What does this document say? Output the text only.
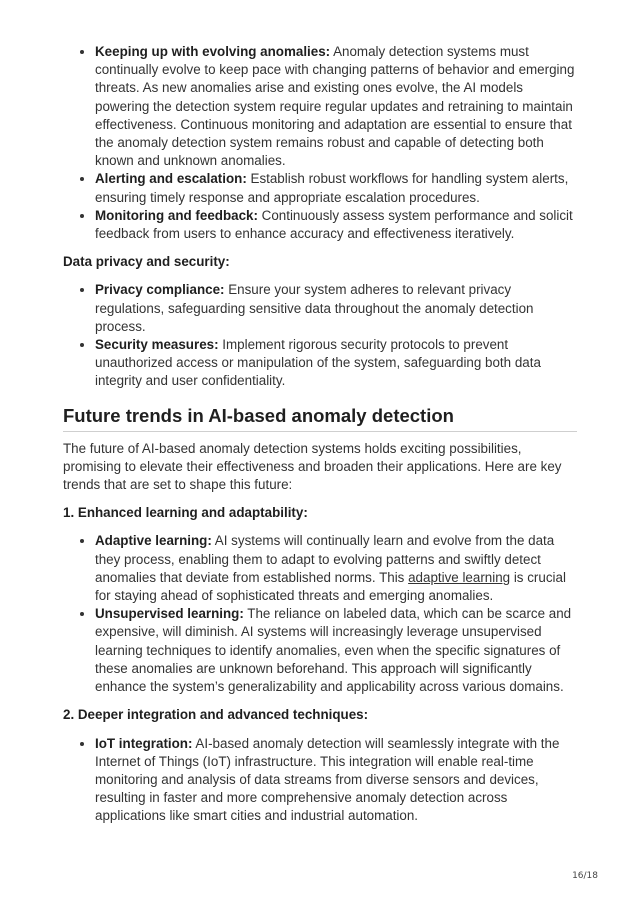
• Keeping up with evolving anomalies: Anomaly detection systems must continually evolve to keep pace with changing patterns of behavior and emerging threats. As new anomalies arise and existing ones evolve, the AI models powering the detection system require regular updates and retraining to maintain effectiveness. Continuous monitoring and adaptation are essential to ensure that the anomaly detection system remains robust and capable of detecting both known and unknown anomalies.
• Alerting and escalation: Establish robust workflows for handling system alerts, ensuring timely response and appropriate escalation procedures.
• Monitoring and feedback: Continuously assess system performance and solicit feedback from users to enhance accuracy and effectiveness iteratively.

Data privacy and security:

• Privacy compliance: Ensure your system adheres to relevant privacy regulations, safeguarding sensitive data throughout the anomaly detection process.
• Security measures: Implement rigorous security protocols to prevent unauthorized access or manipulation of the system, safeguarding both data integrity and user confidentiality.
Future trends in AI-based anomaly detection

The future of AI-based anomaly detection systems holds exciting possibilities, promising to elevate their effectiveness and broaden their applications. Here are key trends that are set to shape this future:

1. Enhanced learning and adaptability:

• Adaptive learning: AI systems will continually learn and evolve from the data they process, enabling them to adapt to evolving patterns and swiftly detect anomalies that deviate from established norms. This adaptive learning is crucial for staying ahead of sophisticated threats and emerging anomalies.
• Unsupervised learning: The reliance on labeled data, which can be scarce and expensive, will diminish. AI systems will increasingly leverage unsupervised learning techniques to identify anomalies, even when the specific signatures of these anomalies are unknown beforehand. This approach will significantly enhance the system’s generalizability and applicability across various domains.

2. Deeper integration and advanced techniques:

• IoT integration: AI-based anomaly detection will seamlessly integrate with the Internet of Things (IoT) infrastructure. This integration will enable real-time monitoring and analysis of data streams from diverse sensors and devices, resulting in faster and more comprehensive anomaly detection across applications like smart cities and industrial automation.
16/18
